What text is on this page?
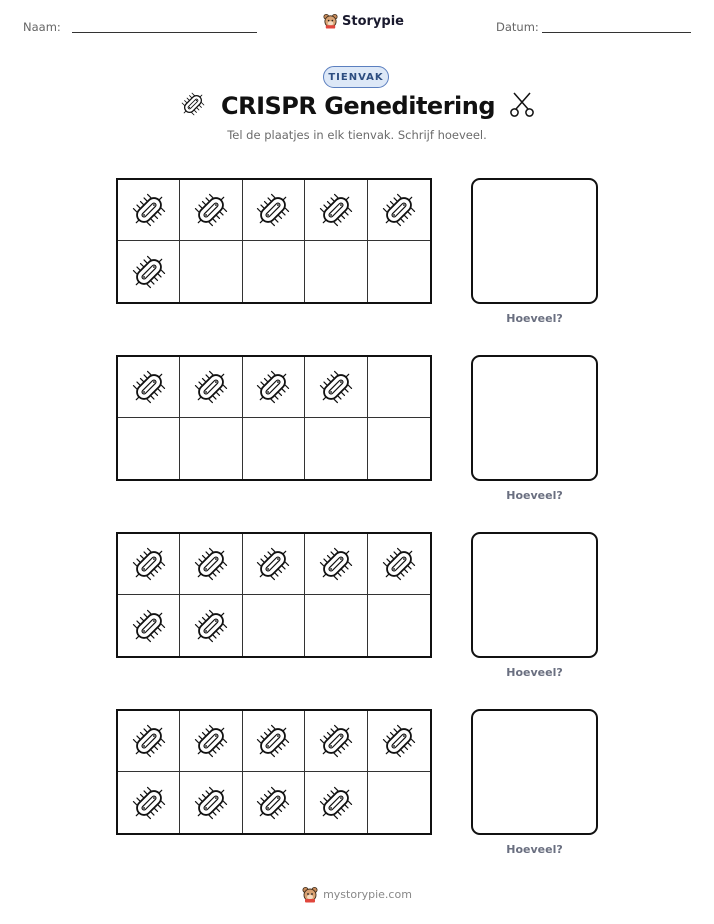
Naam:	Storypie	Datum:
TIENVAK
CRISPR Geneditering
Tel de plaatjes in elk tienvak. Schrijf hoeveel.
Hoeveel?
Hoeveel?
Hoeveel?
Hoeveel?
mystorypie.com
